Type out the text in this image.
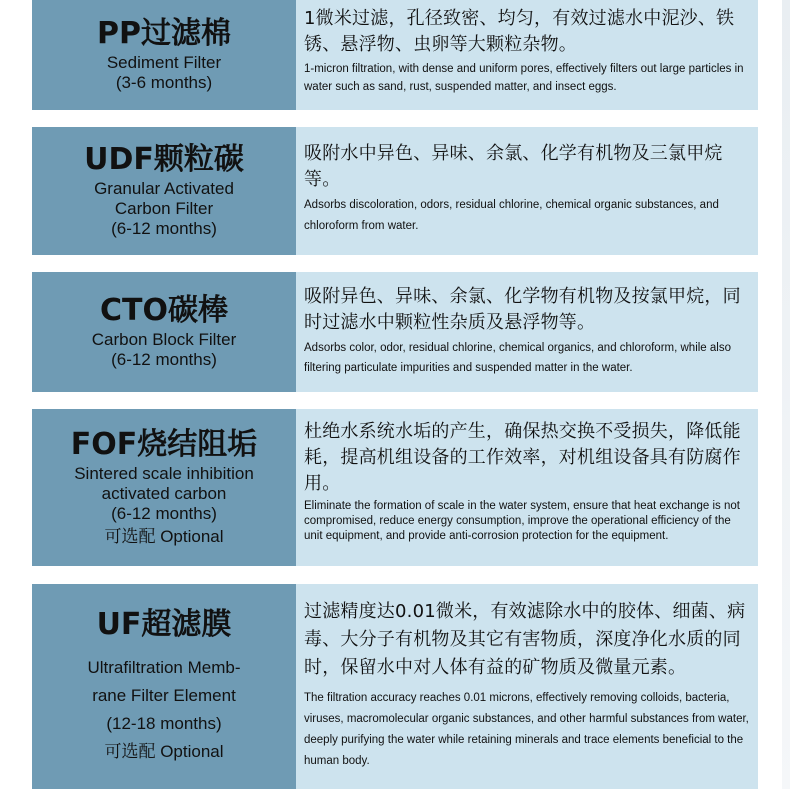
PP过滤棉
Sediment Filter
(3-6 months)
1微米过滤，孔径致密、均匀，有效过滤水中泥沙、铁锈、悬浮物、虫卵等大颗粒杂物。
1-micron filtration, with dense and uniform pores, effectively filters out large particles in water such as sand, rust, suspended matter, and insect eggs.
UDF颗粒碳
Granular Activated
Carbon Filter
(6-12 months)
吸附水中异色、异味、余氯、化学有机物及三氯甲烷等。
Adsorbs discoloration, odors, residual chlorine, chemical organic substances, and chloroform from water.
CTO碳棒
Carbon Block Filter
(6-12 months)
吸附异色、异味、余氯、化学物有机物及按氯甲烷，同时过滤水中颗粒性杂质及悬浮物等。
Adsorbs color, odor, residual chlorine, chemical organics, and chloroform, while also filtering particulate impurities and suspended matter in the water.
FOF烧结阻垢
Sintered scale inhibition
activated carbon
(6-12 months)
可选配 Optional
杜绝水系统水垢的产生，确保热交换不受损失，降低能耗，提高机组设备的工作效率，对机组设备具有防腐作用。
Eliminate the formation of scale in the water system, ensure that heat exchange is not compromised, reduce energy consumption, improve the operational efficiency of the unit equipment, and provide anti-corrosion protection for the equipment.
UF超滤膜
Ultrafiltration Memb-
rane Filter Element
(12-18 months)
可选配 Optional
过滤精度达0.01微米，有效滤除水中的胶体、细菌、病毒、大分子有机物及其它有害物质，深度净化水质的同时，保留水中对人体有益的矿物质及微量元素。
The filtration accuracy reaches 0.01 microns, effectively removing colloids, bacteria, viruses, macromolecular organic substances, and other harmful substances from water, deeply purifying the water while retaining minerals and trace elements beneficial to the human body.
